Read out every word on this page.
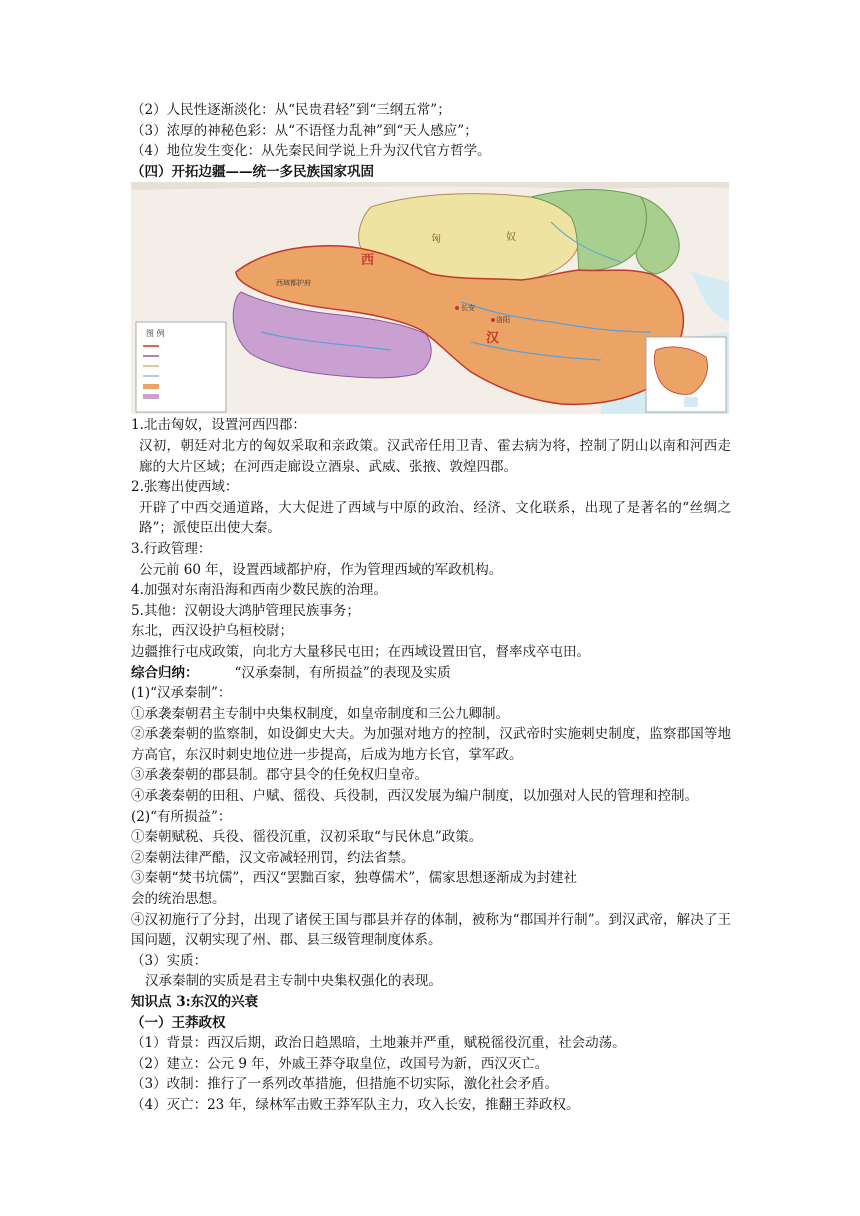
（2）人民性逐渐淡化：从“民贵君轻”到“三纲五常”；
（3）浓厚的神秘色彩：从“不语怪力乱神”到“天人感应”；
（4）地位发生变化：从先秦民间学说上升为汉代官方哲学。
（四）开拓边疆——统一多民族国家巩固
图 例
西
汉
匈	奴
西域都护府
长安
洛阳
1.北击匈奴，设置河西四郡：
汉初，朝廷对北方的匈奴采取和亲政策。汉武帝任用卫青、霍去病为将，控制了阴山以南和河西走廊的大片区域；在河西走廊设立酒泉、武威、张掖、敦煌四郡。
2.张骞出使西域：
开辟了中西交通道路，大大促进了西域与中原的政治、经济、文化联系，出现了是著名的“丝绸之路”；派使臣出使大秦。
3.行政管理：
公元前 60 年，设置西域都护府，作为管理西域的军政机构。
4.加强对东南沿海和西南少数民族的治理。
5.其他：汉朝设大鸿胪管理民族事务；
东北，西汉设护乌桓校尉；
边疆推行屯戍政策，向北方大量移民屯田；在西域设置田官，督率戍卒屯田。
综合归纳：	“汉承秦制，有所损益”的表现及实质
(1)“汉承秦制”：
①承袭秦朝君主专制中央集权制度，如皇帝制度和三公九卿制。
②承袭秦朝的监察制，如设御史大夫。为加强对地方的控制，汉武帝时实施刺史制度，监察郡国等地方高官，东汉时刺史地位进一步提高，后成为地方长官，掌军政。
③承袭秦朝的郡县制。郡守县令的任免权归皇帝。
④承袭秦朝的田租、户赋、徭役、兵役制，西汉发展为编户制度，以加强对人民的管理和控制。
(2)“有所损益”：
①秦朝赋税、兵役、徭役沉重，汉初采取“与民休息”政策。
②秦朝法律严酷，汉文帝减轻刑罚，约法省禁。
③秦朝“焚书坑儒”，西汉“罢黜百家，独尊儒术”，儒家思想逐渐成为封建社
会的统治思想。
④汉初施行了分封，出现了诸侯王国与郡县并存的体制，被称为“郡国并行制”。到汉武帝，解决了王国问题，汉朝实现了州、郡、县三级管理制度体系。
（3）实质：
汉承秦制的实质是君主专制中央集权强化的表现。
知识点 3:东汉的兴衰
（一）王莽政权
（1）背景：西汉后期，政治日趋黑暗，土地兼并严重，赋税徭役沉重，社会动荡。
（2）建立：公元 9 年，外戚王莽夺取皇位，改国号为新，西汉灭亡。
（3）改制：推行了一系列改革措施，但措施不切实际，激化社会矛盾。
（4）灭亡：23 年，绿林军击败王莽军队主力，攻入长安，推翻王莽政权。
